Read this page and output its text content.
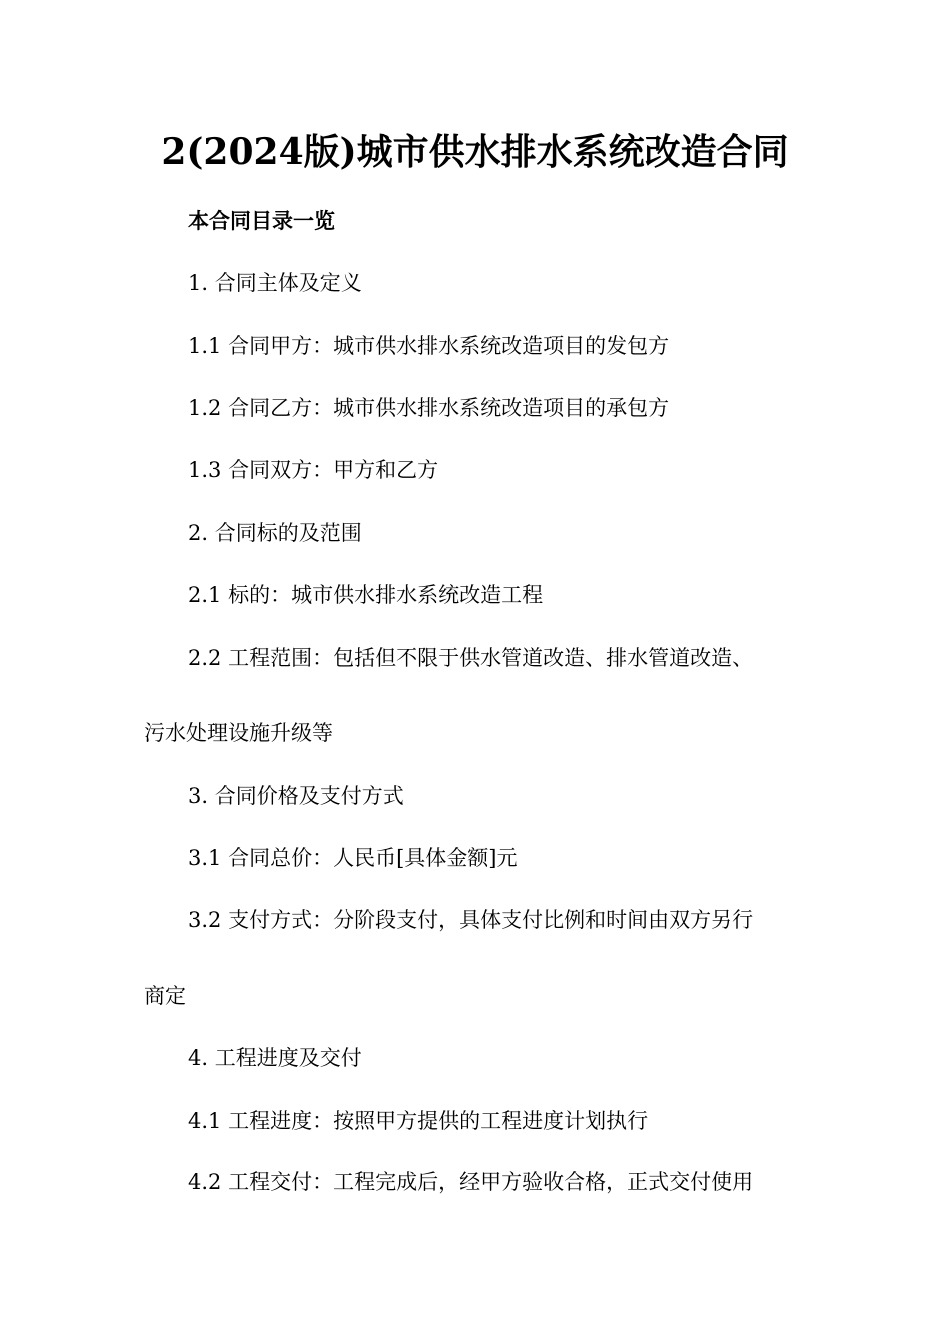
2(2024版)城市供水排水系统改造合同
本合同目录一览
1. 合同主体及定义
1.1 合同甲方：城市供水排水系统改造项目的发包方
1.2 合同乙方：城市供水排水系统改造项目的承包方
1.3 合同双方：甲方和乙方
2. 合同标的及范围
2.1 标的：城市供水排水系统改造工程
2.2 工程范围：包括但不限于供水管道改造、排水管道改造、
污水处理设施升级等
3. 合同价格及支付方式
3.1 合同总价：人民币[具体金额]元
3.2 支付方式：分阶段支付，具体支付比例和时间由双方另行
商定
4. 工程进度及交付
4.1 工程进度：按照甲方提供的工程进度计划执行
4.2 工程交付：工程完成后，经甲方验收合格，正式交付使用
